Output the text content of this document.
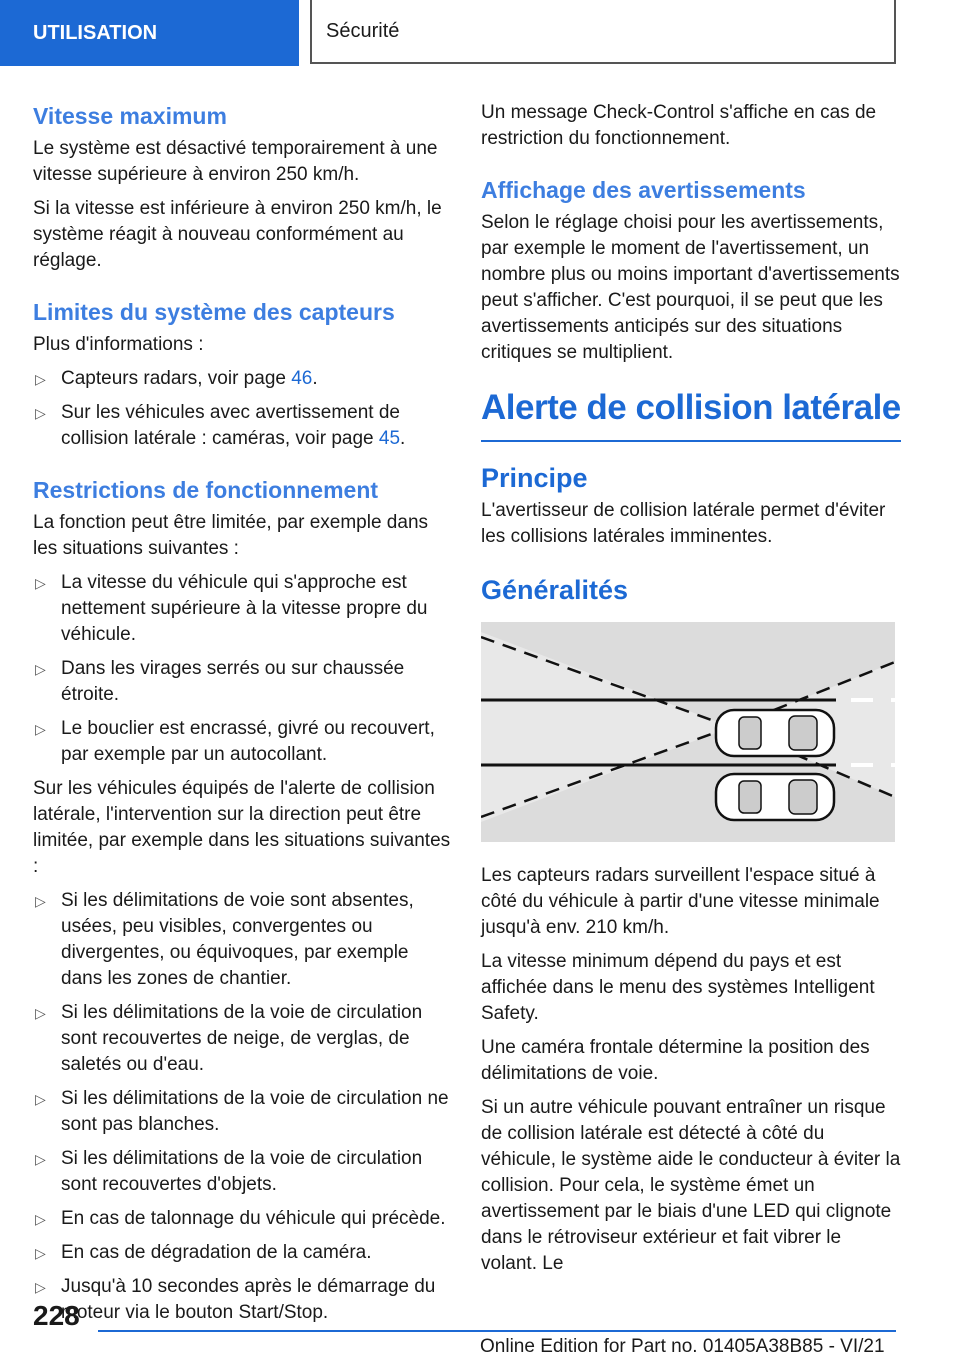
UTILISATION	Sécurité
Vitesse maximum

Le système est désactivé temporairement à une vitesse supérieure à environ 250 km/h.

Si la vitesse est inférieure à environ 250 km/h, le système réagit à nouveau conformément au réglage.

Limites du système des capteurs

Plus d'informations :

▷ Capteurs radars, voir page 46.
▷ Sur les véhicules avec avertissement de collision latérale : caméras, voir page 45.
Restrictions de fonctionnement

La fonction peut être limitée, par exemple dans les situations suivantes :

▷ La vitesse du véhicule qui s'approche est nettement supérieure à la vitesse propre du véhicule.
▷ Dans les virages serrés ou sur chaussée étroite.
▷ Le bouclier est encrassé, givré ou recouvert, par exemple par un autocollant.

Sur les véhicules équipés de l'alerte de collision latérale, l'intervention sur la direction peut être limitée, par exemple dans les situations suivantes :

▷ Si les délimitations de voie sont absentes, usées, peu visibles, convergentes ou divergentes, ou équivoques, par exemple dans les zones de chantier.
▷ Si les délimitations de la voie de circulation sont recouvertes de neige, de verglas, de saletés ou d'eau.
▷ Si les délimitations de la voie de circulation ne sont pas blanches.
▷ Si les délimitations de la voie de circulation sont recouvertes d'objets.
▷ En cas de talonnage du véhicule qui précède.
▷ En cas de dégradation de la caméra.
▷ Jusqu'à 10 secondes après le démarrage du moteur via le bouton Start/Stop.

Un message Check-Control s'affiche en cas de restriction du fonctionnement.

Affichage des avertissements

Selon le réglage choisi pour les avertissements, par exemple le moment de l'avertissement, un nombre plus ou moins important d'avertissements peut s'afficher. C'est pourquoi, il se peut que les avertissements anticipés sur des situations critiques se multiplient.

Alerte de collision latérale
Principe

L'avertisseur de collision latérale permet d'éviter les collisions latérales imminentes.

Généralités

Les capteurs radars surveillent l'espace situé à côté du véhicule à partir d'une vitesse minimale jusqu'à env. 210 km/h.

La vitesse minimum dépend du pays et est affichée dans le menu des systèmes Intelligent Safety.

Une caméra frontale détermine la position des délimitations de voie.

Si un autre véhicule pouvant entraîner un risque de collision latérale est détecté à côté du véhicule, le système aide le conducteur à éviter la collision. Pour cela, le système émet un avertissement par le biais d'une LED qui clignote dans le rétroviseur extérieur et fait vibrer le volant. Le

228
Online Edition for Part no. 01405A38B85 - VI/21
